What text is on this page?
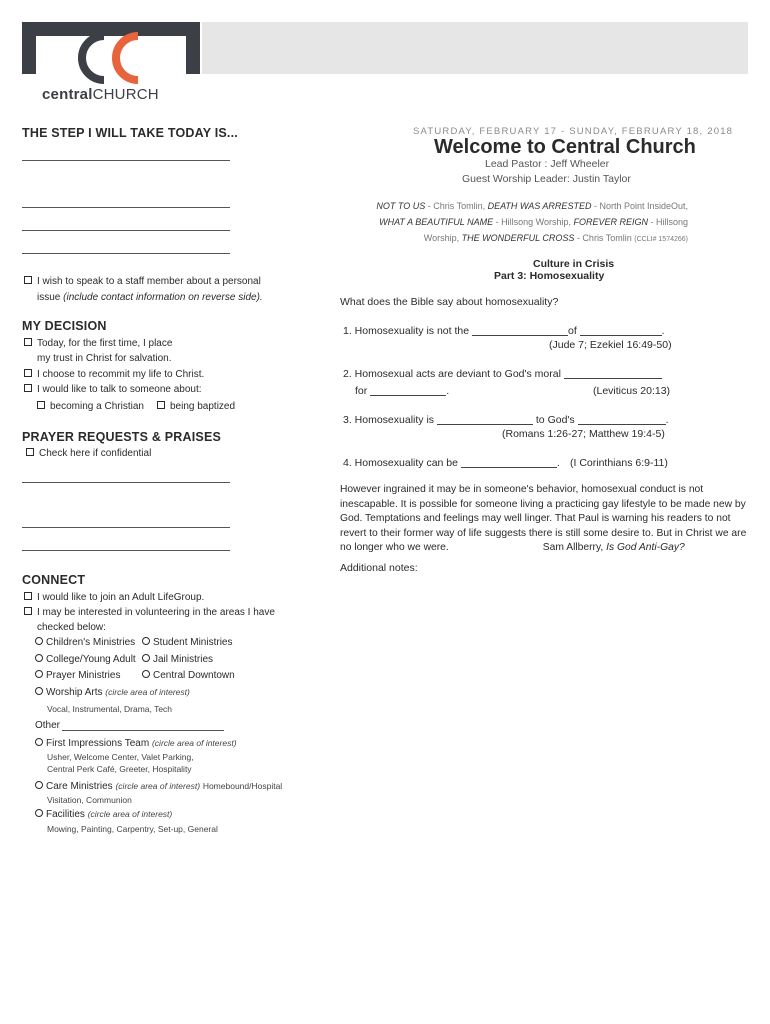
centralCHURCH
THE STEP I WILL TAKE TODAY IS...
I wish to speak to a staff member about a personal
issue (include contact information on reverse side).
MY DECISION
Today, for the first time, I place
my trust in Christ for salvation.
I choose to recommit my life to Christ.
I would like to talk to someone about:
becoming a Christian	being baptized
PRAYER REQUESTS & PRAISES
Check here if confidential
CONNECT
I would like to join an Adult LifeGroup.
I may be interested in volunteering in the areas I have
checked below:
Children's Ministries	Student Ministries
College/Young Adult	Jail Ministries
Prayer Ministries	Central Downtown
Worship Arts (circle area of interest)
Vocal, Instrumental, Drama, Tech
Other
First Impressions Team (circle area of interest)
Usher, Welcome Center, Valet Parking,
Central Perk Café, Greeter, Hospitality
Care Ministries (circle area of interest) Homebound/Hospital
Visitation, Communion
Facilities (circle area of interest)
Mowing, Painting, Carpentry, Set-up, General
SATURDAY, FEBRUARY 17 - SUNDAY, FEBRUARY 18, 2018
Welcome to Central Church
Lead Pastor : Jeff Wheeler
Guest Worship Leader: Justin Taylor
NOT TO US - Chris Tomlin, DEATH WAS ARRESTED - North Point InsideOut,
WHAT A BEAUTIFUL NAME - Hillsong Worship, FOREVER REIGN - Hillsong
Worship, THE WONDERFUL CROSS - Chris Tomlin (CCLI# 1574266)
Culture in Crisis
Part 3: Homosexuality
What does the Bible say about homosexuality?
1. Homosexuality is not the	of	.
(Jude 7; Ezekiel 16:49-50)
2. Homosexual acts are deviant to God's moral
for	.	(Leviticus 20:13)
3. Homosexuality is	to God's	.
(Romans 1:26-27; Matthew 19:4-5)
4. Homosexuality can be	. (I Corinthians 6:9-11)
However ingrained it may be in someone's behavior, homosexual conduct is not inescapable. It is possible for someone living a practicing gay lifestyle to be made new by God. Temptations and feelings may well linger. That Paul is warning his readers to not revert to their former way of life suggests there is still some desire to. But in Christ we are no longer who we were.	Sam Allberry, Is God Anti-Gay?
Additional notes:
